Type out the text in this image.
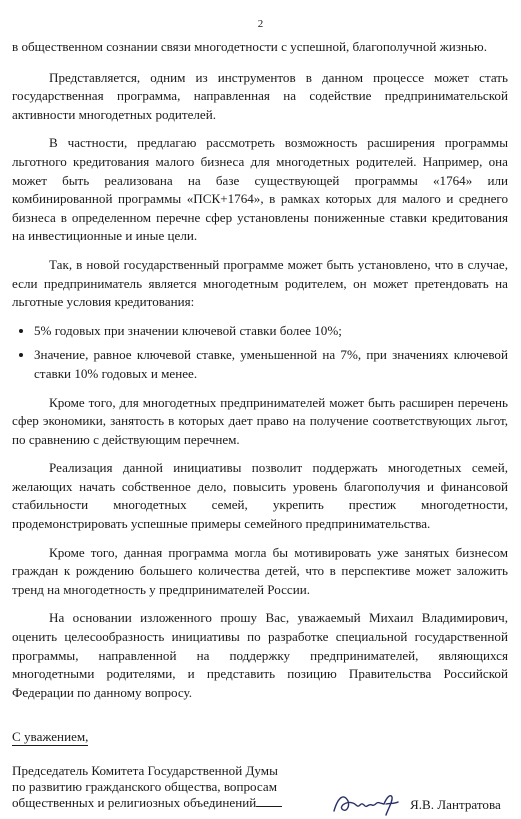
2

в общественном сознании связи многодетности с успешной, благополучной жизнью.

Представляется, одним из инструментов в данном процессе может стать государственная программа, направленная на содействие предпринимательской активности многодетных родителей.

В частности, предлагаю рассмотреть возможность расширения программы льготного кредитования малого бизнеса для многодетных родителей. Например, она может быть реализована на базе существующей программы «1764» или комбинированной программы «ПСК+1764», в рамках которых для малого и среднего бизнеса в определенном перечне сфер установлены пониженные ставки кредитования на инвестиционные и иные цели.

Так, в новой государственный программе может быть установлено, что в случае, если предприниматель является многодетным родителем, он может претендовать на льготные условия кредитования:

5% годовых при значении ключевой ставки более 10%;
Значение, равное ключевой ставке, уменьшенной на 7%, при значениях ключевой ставки 10% годовых и менее.

Кроме того, для многодетных предпринимателей может быть расширен перечень сфер экономики, занятость в которых дает право на получение соответствующих льгот, по сравнению с действующим перечнем.

Реализация данной инициативы позволит поддержать многодетных семей, желающих начать собственное дело, повысить уровень благополучия и финансовой стабильности многодетных семей, укрепить престиж многодетности, продемонстрировать успешные примеры семейного предпринимательства.

Кроме того, данная программа могла бы мотивировать уже занятых бизнесом граждан к рождению большего количества детей, что в перспективе может заложить тренд на многодетность у предпринимателей России.

На основании изложенного прошу Вас, уважаемый Михаил Владимирович, оценить целесообразность инициативы по разработке специальной государственной программы, направленной на поддержку предпринимателей, являющихся многодетными родителями, и представить позицию Правительства Российской Федерации по данному вопросу.

С уважением,
Председатель Комитета Государственной Думы
по развитию гражданского общества, вопросам
общественных и религиозных объединений	Я.В. Лантратова
